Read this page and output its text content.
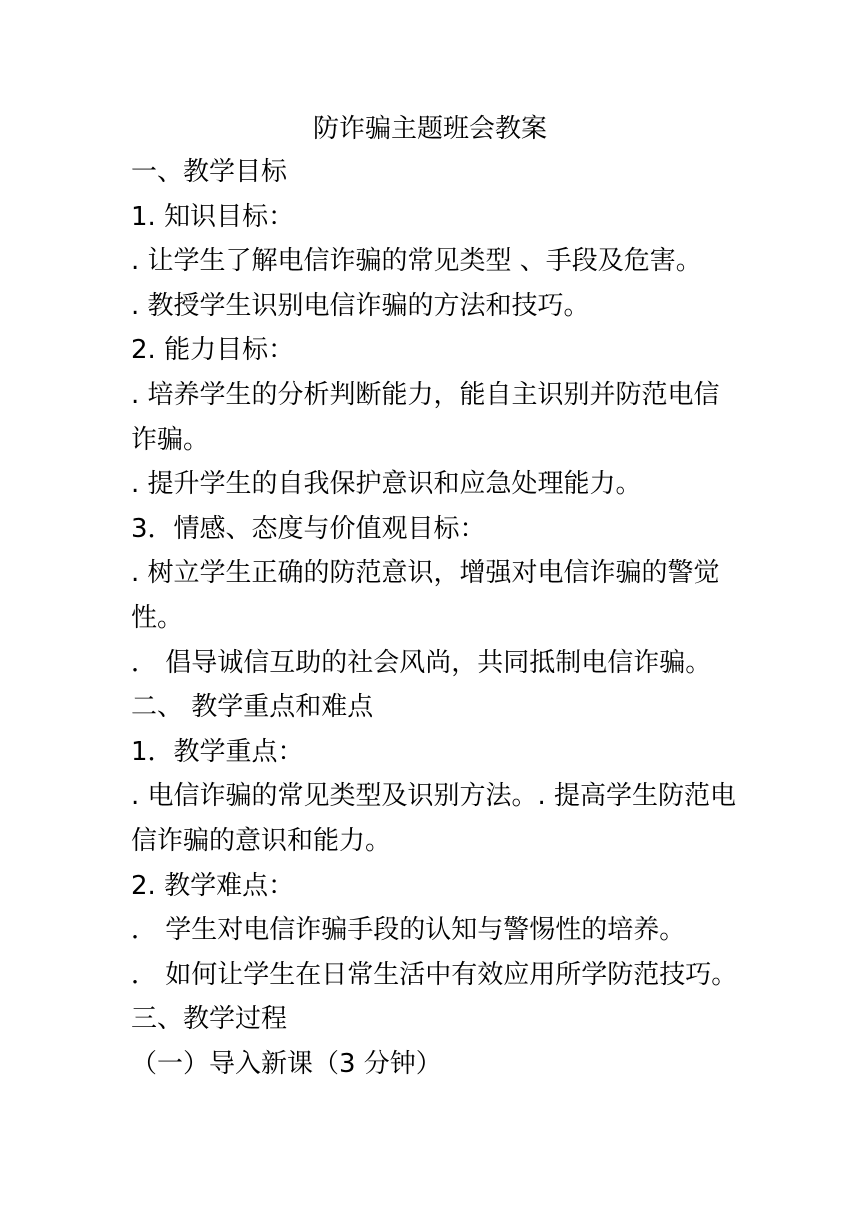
防诈骗主题班会教案
一、教学目标
1. 知识目标：
. 让学生了解电信诈骗的常见类型 、手段及危害。
. 教授学生识别电信诈骗的方法和技巧。
2. 能力目标：
. 培养学生的分析判断能力，能自主识别并防范电信
诈骗。
. 提升学生的自我保护意识和应急处理能力。
3．情感、态度与价值观目标：
. 树立学生正确的防范意识，增强对电信诈骗的警觉
性。
． 倡导诚信互助的社会风尚，共同抵制电信诈骗。
二、 教学重点和难点
1．教学重点：
. 电信诈骗的常见类型及识别方法。. 提高学生防范电
信诈骗的意识和能力。
2. 教学难点：
． 学生对电信诈骗手段的认知与警惕性的培养。
． 如何让学生在日常生活中有效应用所学防范技巧。
三、教学过程
（一）导入新课（3 分钟）
